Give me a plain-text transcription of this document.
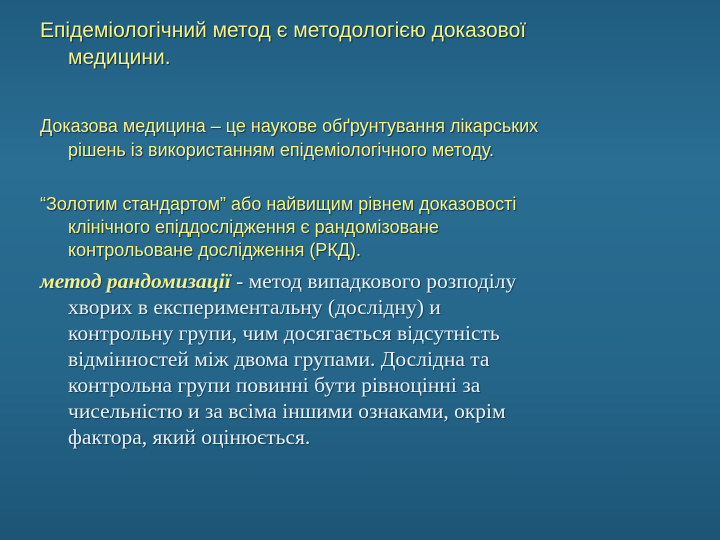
Епідеміологічний метод є методологією доказової
медицини.
Доказова медицина – це наукове обґрунтування лікарських
рішень із використанням епідеміологічного методу.
“Золотим стандартом” або найвищим рівнем доказовості
клінічного епіддослідження є рандомізоване
контрольоване дослідження (РКД).
метод рандомизації - метод випадкового розподілу
хворих в експериментальну (дослідну) и
контрольну групи, чим досягається відсутність
відмінностей між двома групами. Дослідна та
контрольна групи повинні бути рівноцінні за
чисельністю и за всіма іншими ознаками, окрім
фактора, який оцінюється.
